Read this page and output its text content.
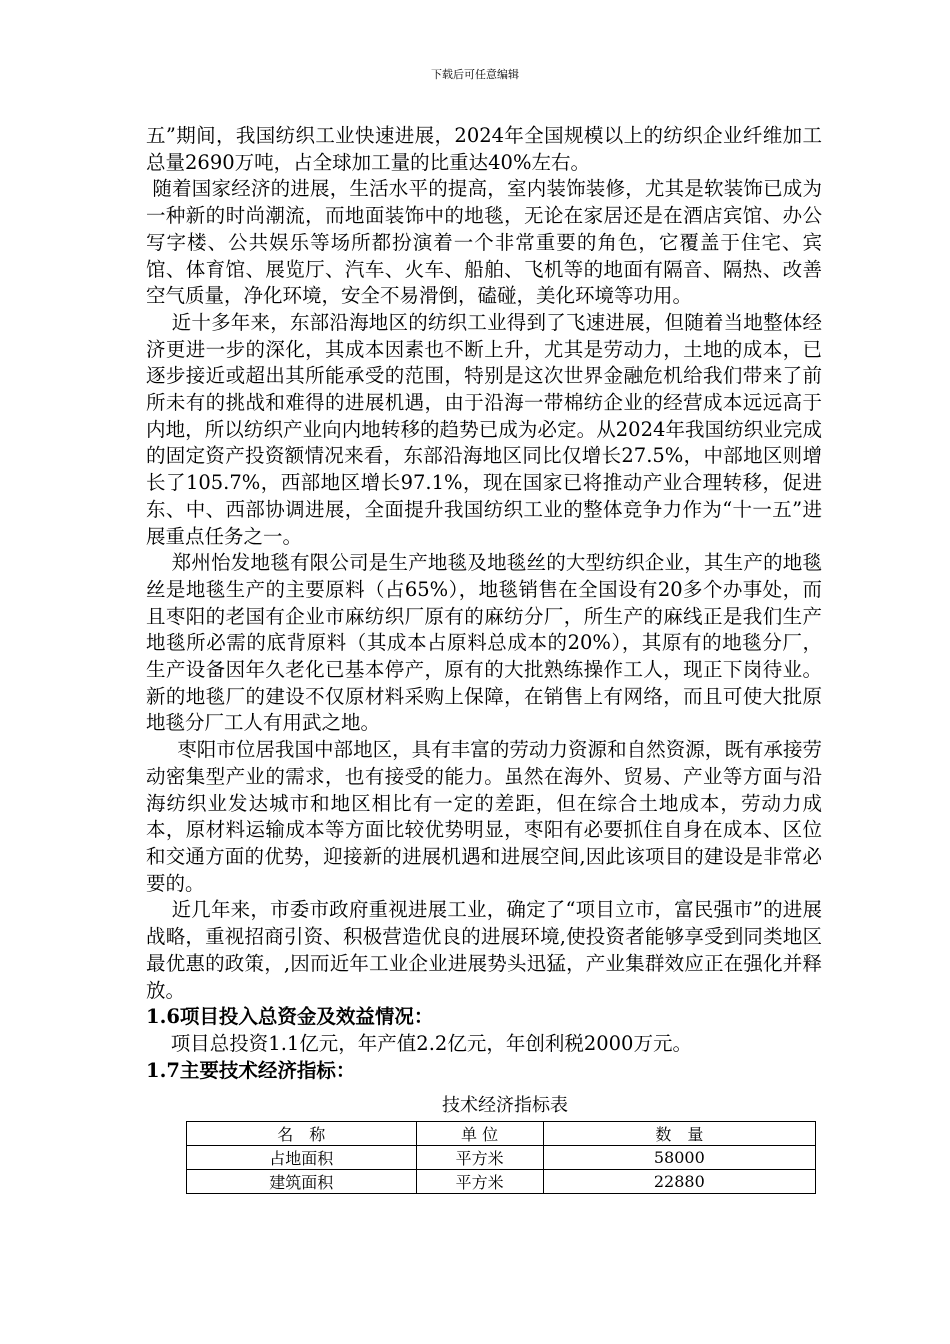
下载后可任意编辑

五”期间，我国纺织工业快速进展，2024年全国规模以上的纺织企业纤维加工总量2690万吨，占全球加工量的比重达40%左右。

随着国家经济的进展，生活水平的提高，室内装饰装修，尤其是软装饰已成为一种新的时尚潮流，而地面装饰中的地毯，无论在家居还是在酒店宾馆、办公写字楼、公共娱乐等场所都扮演着一个非常重要的角色，它覆盖于住宅、宾馆、体育馆、展览厅、汽车、火车、船舶、飞机等的地面有隔音、隔热、改善空气质量，净化环境，安全不易滑倒，磕碰，美化环境等功用。

近十多年来，东部沿海地区的纺织工业得到了飞速进展，但随着当地整体经济更进一步的深化，其成本因素也不断上升，尤其是劳动力，土地的成本，已逐步接近或超出其所能承受的范围，特别是这次世界金融危机给我们带来了前所未有的挑战和难得的进展机遇，由于沿海一带棉纺企业的经营成本远远高于内地，所以纺织产业向内地转移的趋势已成为必定。从2024年我国纺织业完成的固定资产投资额情况来看，东部沿海地区同比仅增长27.5%，中部地区则增长了105.7%，西部地区增长97.1%，现在国家已将推动产业合理转移，促进东、中、西部协调进展，全面提升我国纺织工业的整体竞争力作为“十一五”进展重点任务之一。

郑州怡发地毯有限公司是生产地毯及地毯丝的大型纺织企业，其生产的地毯丝是地毯生产的主要原料（占65%），地毯销售在全国设有20多个办事处，而且枣阳的老国有企业市麻纺织厂原有的麻纺分厂，所生产的麻线正是我们生产地毯所必需的底背原料（其成本占原料总成本的20%），其原有的地毯分厂，生产设备因年久老化已基本停产，原有的大批熟练操作工人，现正下岗待业。新的地毯厂的建设不仅原材料采购上保障，在销售上有网络，而且可使大批原地毯分厂工人有用武之地。

枣阳市位居我国中部地区，具有丰富的劳动力资源和自然资源，既有承接劳动密集型产业的需求，也有接受的能力。虽然在海外、贸易、产业等方面与沿海纺织业发达城市和地区相比有一定的差距，但在综合土地成本，劳动力成本，原材料运输成本等方面比较优势明显，枣阳有必要抓住自身在成本、区位和交通方面的优势，迎接新的进展机遇和进展空间,因此该项目的建设是非常必要的。

近几年来，市委市政府重视进展工业，确定了“项目立市，富民强市”的进展战略，重视招商引资、积极营造优良的进展环境,使投资者能够享受到同类地区最优惠的政策，,因而近年工业企业进展势头迅猛，产业集群效应正在强化并释放。

1.6项目投入总资金及效益情况：

项目总投资1.1亿元，年产值2.2亿元，年创利税2000万元。

1.7主要技术经济指标：

技术经济指标表

名　称	单 位	数　量
占地面积	平方米	58000
建筑面积	平方米	22880
